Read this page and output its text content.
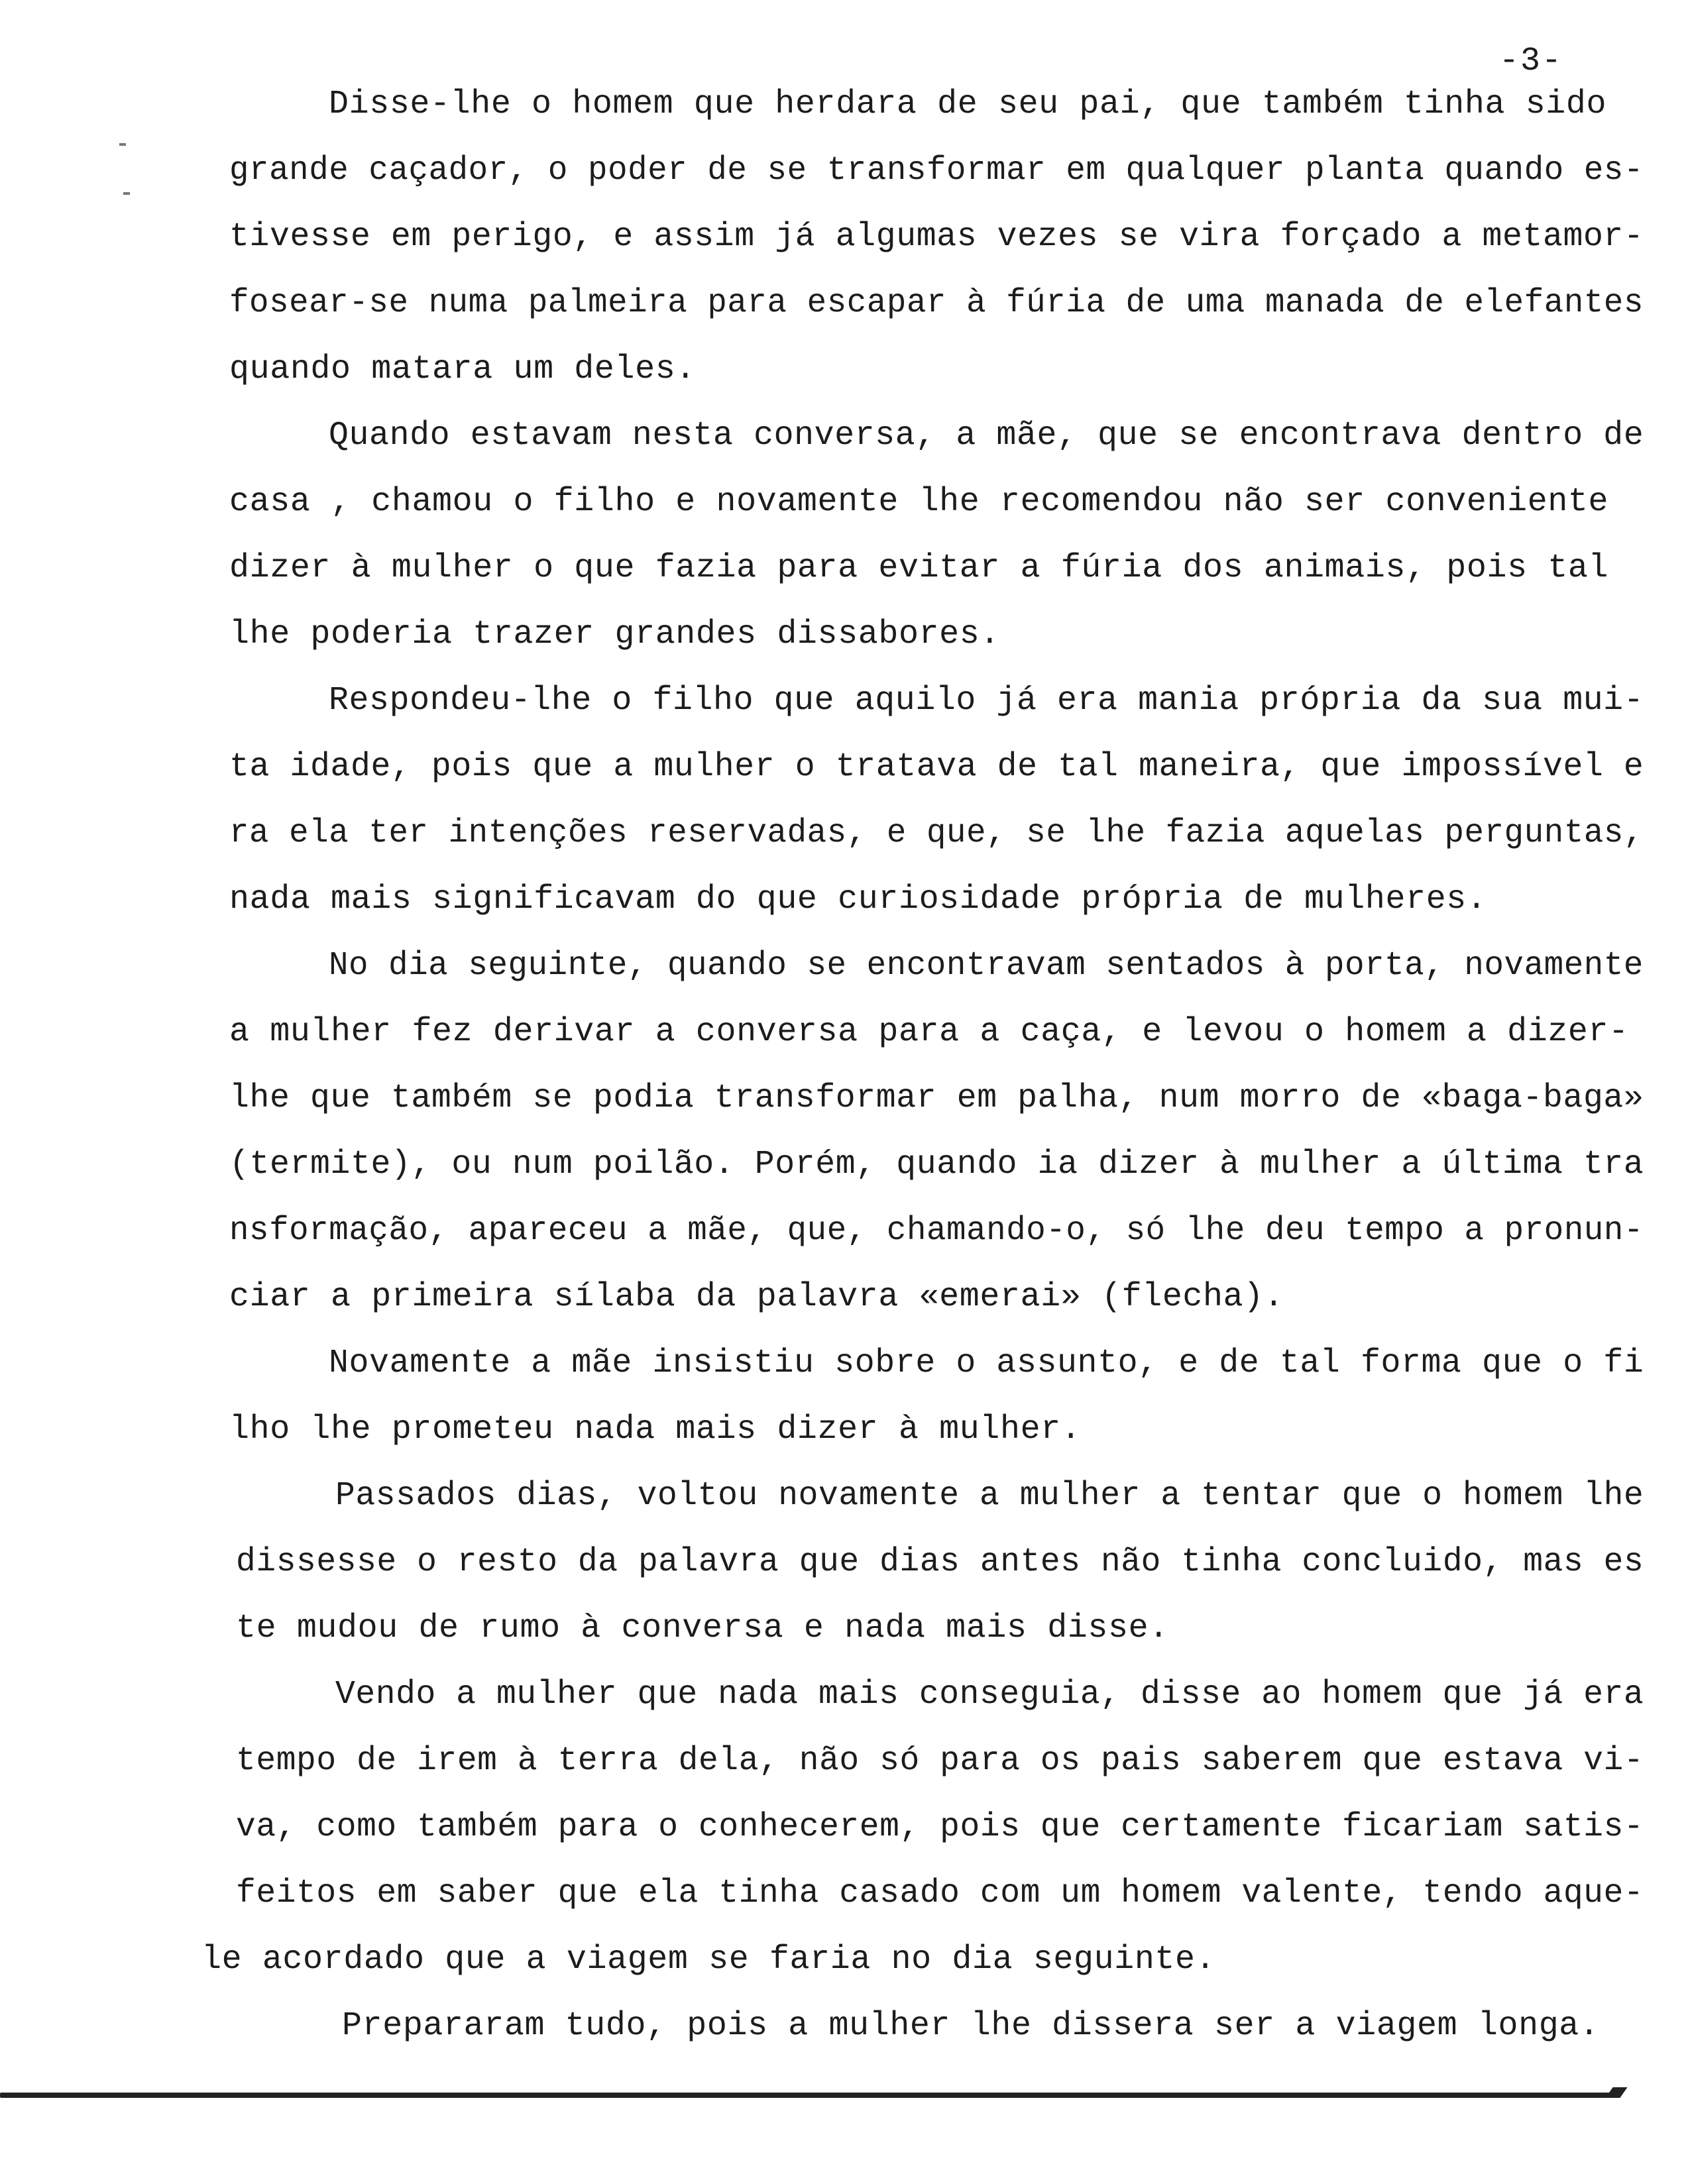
-3-
Disse-lhe o homem que herdara de seu pai, que também tinha sido
grande caçador, o poder de se transformar em qualquer planta quando es-
tivesse em perigo, e assim já algumas vezes se vira forçado a metamor-
fosear-se numa palmeira para escapar à fúria de uma manada de elefantes
quando matara um deles.
Quando estavam nesta conversa, a mãe, que se encontrava dentro de
casa , chamou o filho e novamente lhe recomendou não ser conveniente
dizer à mulher o que fazia para evitar a fúria dos animais, pois tal
lhe poderia trazer grandes dissabores.
Respondeu-lhe o filho que aquilo já era mania própria da sua mui-
ta idade, pois que a mulher o tratava de tal maneira, que impossível e
ra ela ter intenções reservadas, e que, se lhe fazia aquelas perguntas,
nada mais significavam do que curiosidade própria de mulheres.
No dia seguinte, quando se encontravam sentados à porta, novamente
a mulher fez derivar a conversa para a caça, e levou o homem a dizer-
lhe que também se podia transformar em palha, num morro de «baga-baga»
(termite), ou num poilão. Porém, quando ia dizer à mulher a última tra
nsformação, apareceu a mãe, que, chamando-o, só lhe deu tempo a pronun-
ciar a primeira sílaba da palavra «emerai» (flecha).
Novamente a mãe insistiu sobre o assunto, e de tal forma que o fi
lho lhe prometeu nada mais dizer à mulher.
Passados dias, voltou novamente a mulher a tentar que o homem lhe
dissesse o resto da palavra que dias antes não tinha concluido, mas es
te mudou de rumo à conversa e nada mais disse.
Vendo a mulher que nada mais conseguia, disse ao homem que já era
tempo de irem à terra dela, não só para os pais saberem que estava vi-
va, como também para o conhecerem, pois que certamente ficariam satis-
feitos em saber que ela tinha casado com um homem valente, tendo aque-
le acordado que a viagem se faria no dia seguinte.
Prepararam tudo, pois a mulher lhe dissera ser a viagem longa.
